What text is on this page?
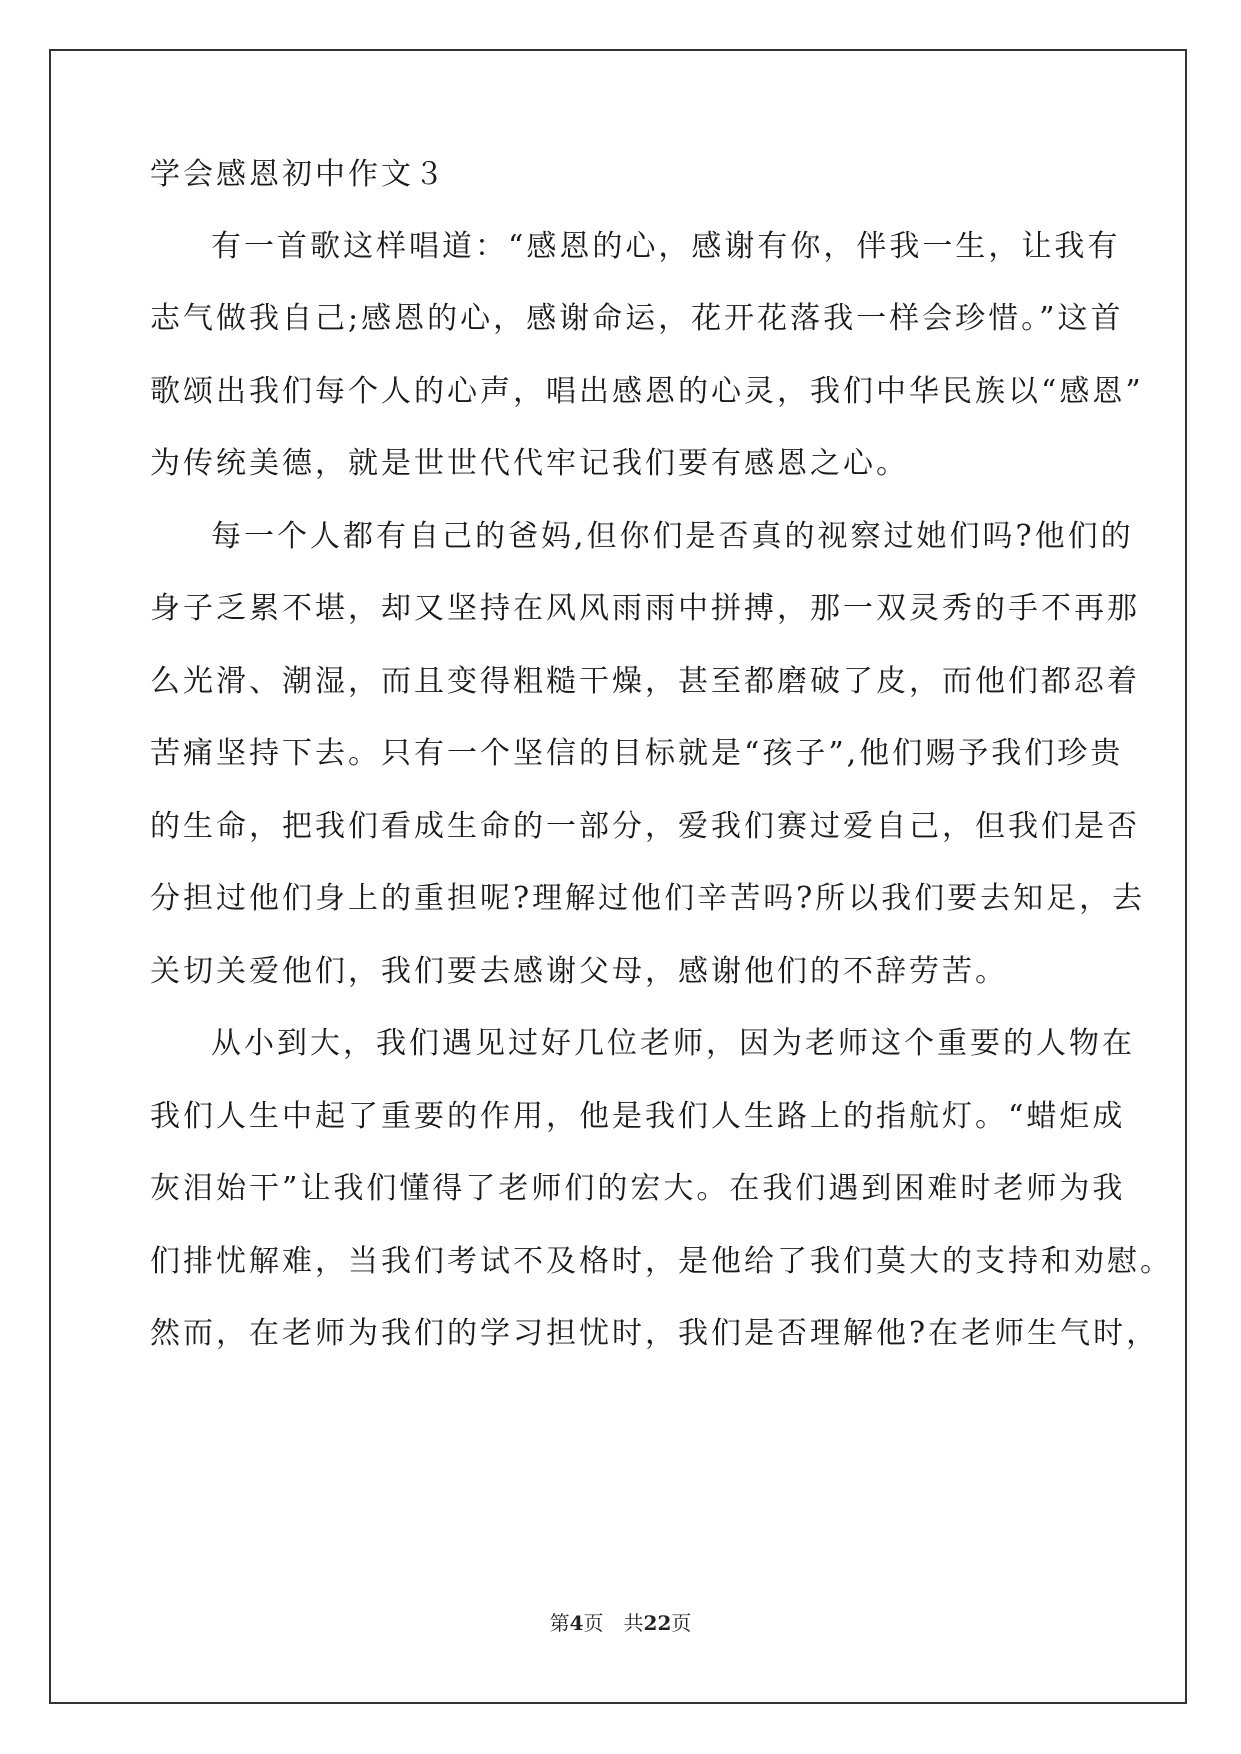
学会感恩初中作文３
有一首歌这样唱道：“感恩的心，感谢有你，伴我一生，让我有
志气做我自己;感恩的心，感谢命运，花开花落我一样会珍惜。”这首
歌颂出我们每个人的心声，唱出感恩的心灵，我们中华民族以“感恩”
为传统美德，就是世世代代牢记我们要有感恩之心。
每一个人都有自己的爸妈,但你们是否真的视察过她们吗?他们的
身子乏累不堪，却又坚持在风风雨雨中拼搏，那一双灵秀的手不再那
么光滑、潮湿，而且变得粗糙干燥，甚至都磨破了皮，而他们都忍着
苦痛坚持下去。只有一个坚信的目标就是“孩子”,他们赐予我们珍贵
的生命，把我们看成生命的一部分，爱我们赛过爱自己，但我们是否
分担过他们身上的重担呢?理解过他们辛苦吗?所以我们要去知足，去
关切关爱他们，我们要去感谢父母，感谢他们的不辞劳苦。
从小到大，我们遇见过好几位老师，因为老师这个重要的人物在
我们人生中起了重要的作用，他是我们人生路上的指航灯。“蜡炬成
灰泪始干”让我们懂得了老师们的宏大。在我们遇到困难时老师为我
们排忧解难，当我们考试不及格时，是他给了我们莫大的支持和劝慰。
然而，在老师为我们的学习担忧时，我们是否理解他?在老师生气时，
第4页 共22页
